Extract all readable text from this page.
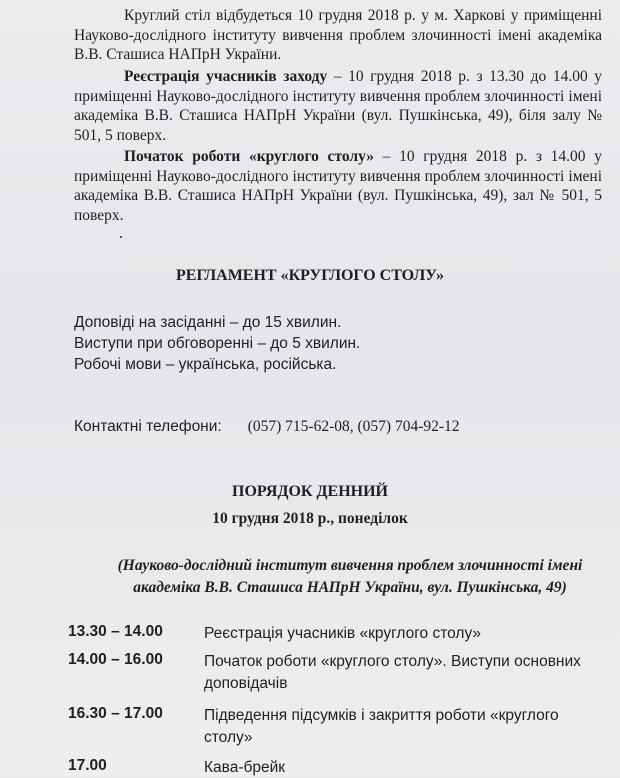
Круглий стіл відбудеться 10 грудня 2018 р. у м. Харкові у приміщенні Науково-дослідного інституту вивчення проблем злочинності імені академіка В.В. Сташиса НАПрН України.
Реєстрація учасників заходу – 10 грудня 2018 р. з 13.30 до 14.00 у приміщенні Науково-дослідного інституту вивчення проблем злочинності імені академіка В.В. Сташиса НАПрН України (вул. Пушкінська, 49), біля залу № 501, 5 поверх.
Початок роботи «круглого столу» – 10 грудня 2018 р. з 14.00 у приміщенні Науково-дослідного інституту вивчення проблем злочинності імені академіка В.В. Сташиса НАПрН України (вул. Пушкінська, 49), зал № 501, 5 поверх.
РЕГЛАМЕНТ «КРУГЛОГО СТОЛУ»
Доповіді на засіданні – до 15 хвилин.
Виступи при обговоренні – до 5 хвилин.
Робочі мови – українська, російська.
Контактні телефони: (057) 715-62-08, (057) 704-92-12
ПОРЯДОК ДЕННИЙ
10 грудня 2018 р., понеділок
(Науково-дослідний інститут вивчення проблем злочинності імені
академіка В.В. Сташиса НАПрН України, вул. Пушкінська, 49)
13.30 – 14.00	Реєстрація учасників «круглого столу»
14.00 – 16.00	Початок роботи «круглого столу». Виступи основних
доповідачів
16.30 – 17.00	Підведення підсумків і закриття роботи «круглого
столу»
17.00	Кава-брейк
